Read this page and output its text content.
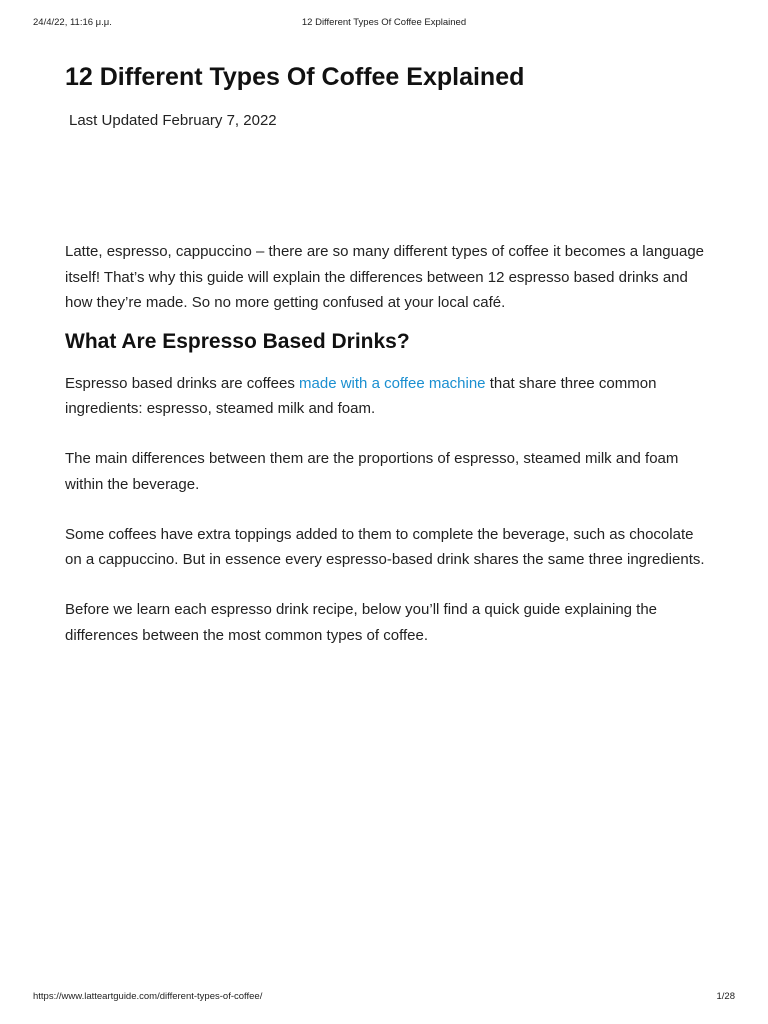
24/4/22, 11:16 μ.μ.	12 Different Types Of Coffee Explained
12 Different Types Of Coffee Explained
Last Updated February 7, 2022

Latte, espresso, cappuccino – there are so many different types of coffee it becomes a language itself! That’s why this guide will explain the differences between 12 espresso based drinks and how they’re made. So no more getting confused at your local café.

What Are Espresso Based Drinks?

Espresso based drinks are coffees made with a coffee machine that share three common ingredients: espresso, steamed milk and foam.

The main differences between them are the proportions of espresso, steamed milk and foam within the beverage.

Some coffees have extra toppings added to them to complete the beverage, such as chocolate on a cappuccino. But in essence every espresso-based drink shares the same three ingredients.

Before we learn each espresso drink recipe, below you’ll find a quick guide explaining the differences between the most common types of coffee.

https://www.latteartguide.com/different-types-of-coffee/	1/28
